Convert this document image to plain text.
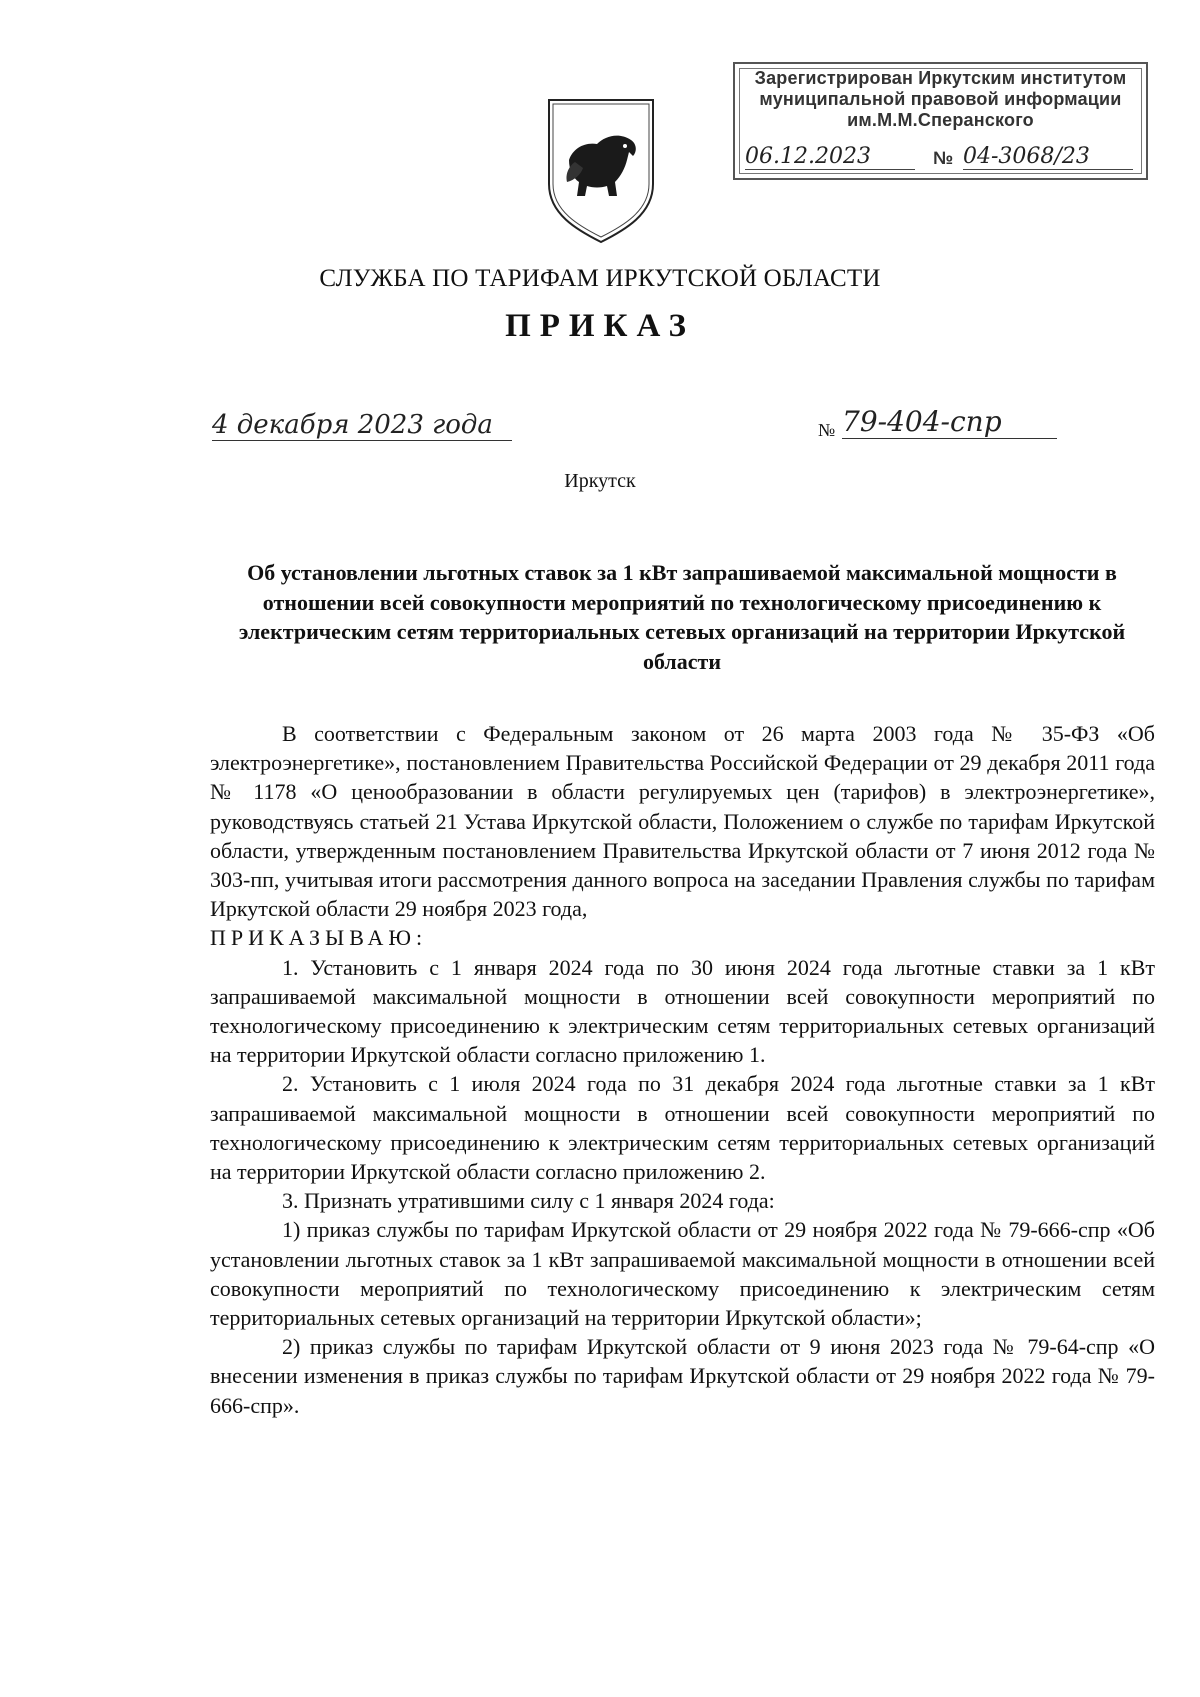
Зарегистрирован Иркутским институтом
муниципальной правовой информации
им.М.М.Сперанского
06.12.2023	№ 04-3068/23
СЛУЖБА ПО ТАРИФАМ ИРКУТСКОЙ ОБЛАСТИ
ПРИКАЗ
4 декабря 2023 года	№ 79-404-спр
Иркутск
Об установлении льготных ставок за 1 кВт запрашиваемой максимальной мощности в отношении всей совокупности мероприятий по технологическому присоединению к электрическим сетям территориальных сетевых организаций на территории Иркутской области

В соответствии с Федеральным законом от 26 марта 2003 года № 35-ФЗ «Об электроэнергетике», постановлением Правительства Российской Федерации от 29 декабря 2011 года № 1178 «О ценообразовании в области регулируемых цен (тарифов) в электроэнергетике», руководствуясь статьей 21 Устава Иркутской области, Положением о службе по тарифам Иркутской области, утвержденным постановлением Правительства Иркутской области от 7 июня 2012 года № 303-пп, учитывая итоги рассмотрения данного вопроса на заседании Правления службы по тарифам Иркутской области 29 ноября 2023 года,

ПРИКАЗЫВАЮ:

1. Установить с 1 января 2024 года по 30 июня 2024 года льготные ставки за 1 кВт запрашиваемой максимальной мощности в отношении всей совокупности мероприятий по технологическому присоединению к электрическим сетям территориальных сетевых организаций на территории Иркутской области согласно приложению 1.

2. Установить с 1 июля 2024 года по 31 декабря 2024 года льготные ставки за 1 кВт запрашиваемой максимальной мощности в отношении всей совокупности мероприятий по технологическому присоединению к электрическим сетям территориальных сетевых организаций на территории Иркутской области согласно приложению 2.

3. Признать утратившими силу с 1 января 2024 года:

1) приказ службы по тарифам Иркутской области от 29 ноября 2022 года № 79-666-спр «Об установлении льготных ставок за 1 кВт запрашиваемой максимальной мощности в отношении всей совокупности мероприятий по технологическому присоединению к электрическим сетям территориальных сетевых организаций на территории Иркутской области»;

2) приказ службы по тарифам Иркутской области от 9 июня 2023 года № 79-64-спр «О внесении изменения в приказ службы по тарифам Иркутской области от 29 ноября 2022 года № 79-666-спр».
